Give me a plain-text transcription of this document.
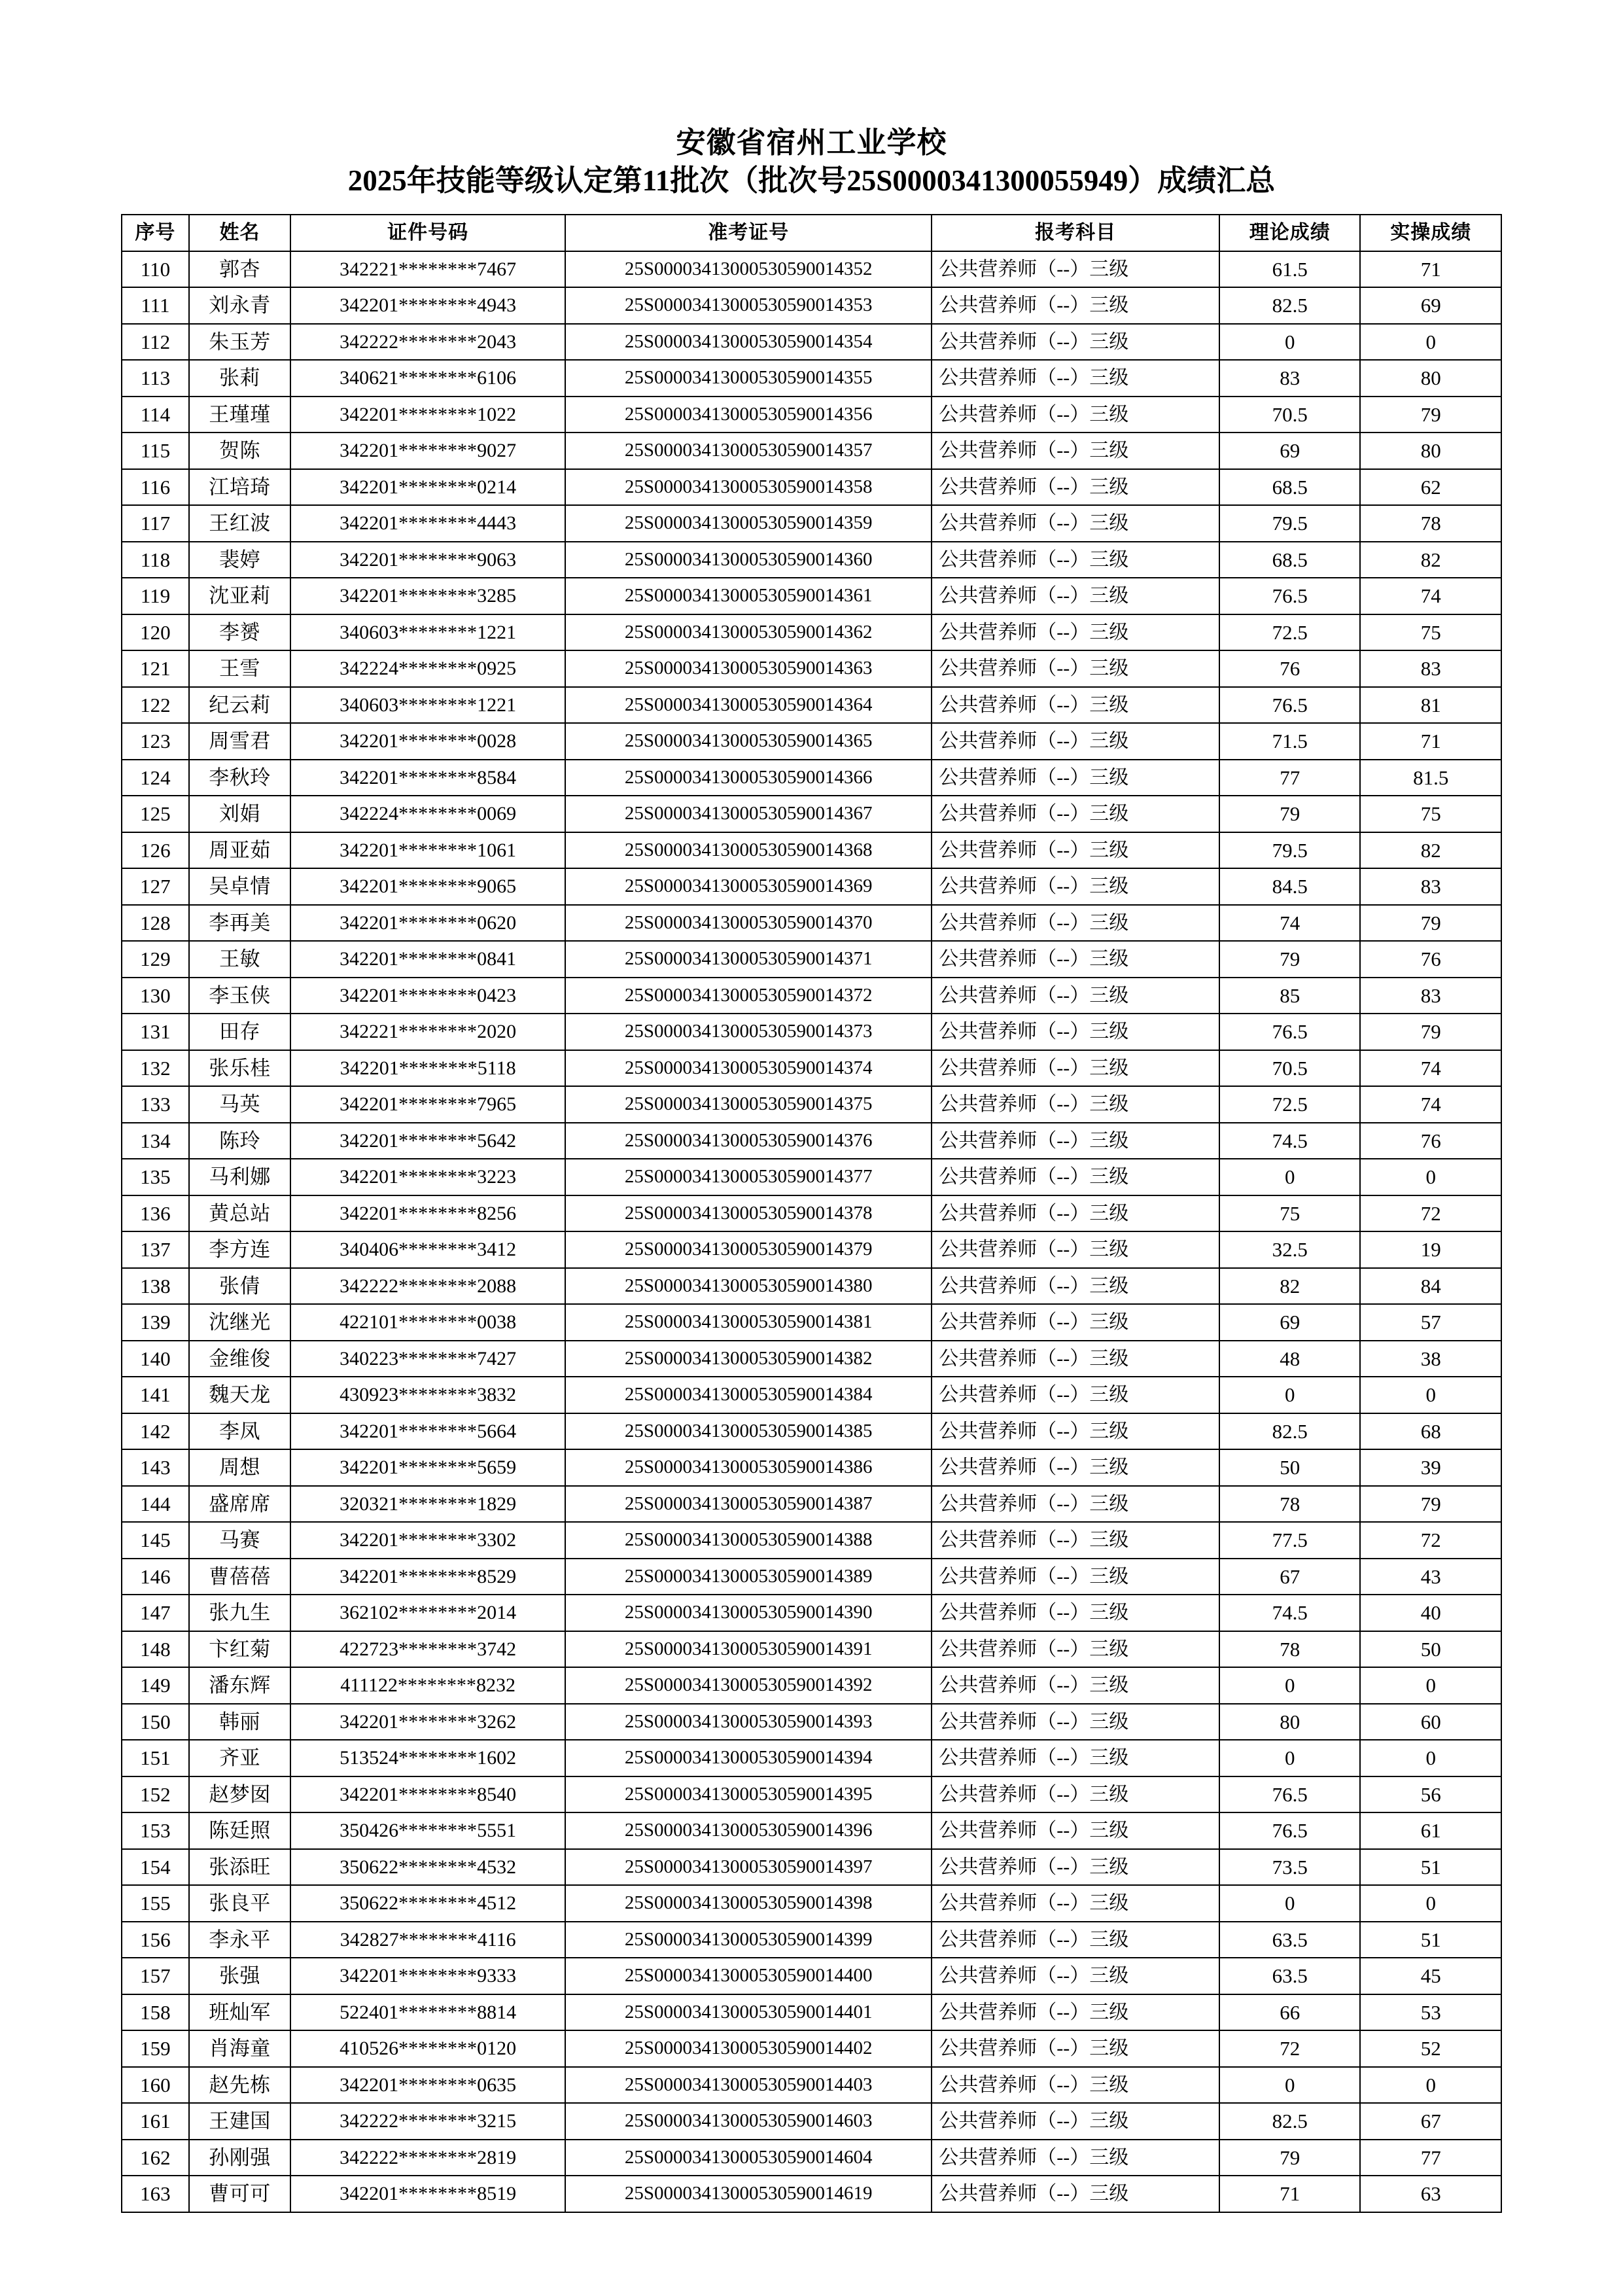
安徽省宿州工业学校
2025年技能等级认定第11批次（批次号25S0000341300055949）成绩汇总
序号	姓名	证件号码	准考证号	报考科目	理论成绩	实操成绩
110	郭杏	342221********7467	25S00003413000530590014352	公共营养师（--）三级	61.5	71
111	刘永青	342201********4943	25S00003413000530590014353	公共营养师（--）三级	82.5	69
112	朱玉芳	342222********2043	25S00003413000530590014354	公共营养师（--）三级	0	0
113	张莉	340621********6106	25S00003413000530590014355	公共营养师（--）三级	83	80
114	王瑾瑾	342201********1022	25S00003413000530590014356	公共营养师（--）三级	70.5	79
115	贺陈	342201********9027	25S00003413000530590014357	公共营养师（--）三级	69	80
116	江培琦	342201********0214	25S00003413000530590014358	公共营养师（--）三级	68.5	62
117	王红波	342201********4443	25S00003413000530590014359	公共营养师（--）三级	79.5	78
118	裴婷	342201********9063	25S00003413000530590014360	公共营养师（--）三级	68.5	82
119	沈亚莉	342201********3285	25S00003413000530590014361	公共营养师（--）三级	76.5	74
120	李赟	340603********1221	25S00003413000530590014362	公共营养师（--）三级	72.5	75
121	王雪	342224********0925	25S00003413000530590014363	公共营养师（--）三级	76	83
122	纪云莉	340603********1221	25S00003413000530590014364	公共营养师（--）三级	76.5	81
123	周雪君	342201********0028	25S00003413000530590014365	公共营养师（--）三级	71.5	71
124	李秋玲	342201********8584	25S00003413000530590014366	公共营养师（--）三级	77	81.5
125	刘娟	342224********0069	25S00003413000530590014367	公共营养师（--）三级	79	75
126	周亚茹	342201********1061	25S00003413000530590014368	公共营养师（--）三级	79.5	82
127	吴卓情	342201********9065	25S00003413000530590014369	公共营养师（--）三级	84.5	83
128	李再美	342201********0620	25S00003413000530590014370	公共营养师（--）三级	74	79
129	王敏	342201********0841	25S00003413000530590014371	公共营养师（--）三级	79	76
130	李玉侠	342201********0423	25S00003413000530590014372	公共营养师（--）三级	85	83
131	田存	342221********2020	25S00003413000530590014373	公共营养师（--）三级	76.5	79
132	张乐桂	342201********5118	25S00003413000530590014374	公共营养师（--）三级	70.5	74
133	马英	342201********7965	25S00003413000530590014375	公共营养师（--）三级	72.5	74
134	陈玲	342201********5642	25S00003413000530590014376	公共营养师（--）三级	74.5	76
135	马利娜	342201********3223	25S00003413000530590014377	公共营养师（--）三级	0	0
136	黄总站	342201********8256	25S00003413000530590014378	公共营养师（--）三级	75	72
137	李方连	340406********3412	25S00003413000530590014379	公共营养师（--）三级	32.5	19
138	张倩	342222********2088	25S00003413000530590014380	公共营养师（--）三级	82	84
139	沈继光	422101********0038	25S00003413000530590014381	公共营养师（--）三级	69	57
140	金维俊	340223********7427	25S00003413000530590014382	公共营养师（--）三级	48	38
141	魏天龙	430923********3832	25S00003413000530590014384	公共营养师（--）三级	0	0
142	李凤	342201********5664	25S00003413000530590014385	公共营养师（--）三级	82.5	68
143	周想	342201********5659	25S00003413000530590014386	公共营养师（--）三级	50	39
144	盛席席	320321********1829	25S00003413000530590014387	公共营养师（--）三级	78	79
145	马赛	342201********3302	25S00003413000530590014388	公共营养师（--）三级	77.5	72
146	曹蓓蓓	342201********8529	25S00003413000530590014389	公共营养师（--）三级	67	43
147	张九生	362102********2014	25S00003413000530590014390	公共营养师（--）三级	74.5	40
148	卞红菊	422723********3742	25S00003413000530590014391	公共营养师（--）三级	78	50
149	潘东辉	411122********8232	25S00003413000530590014392	公共营养师（--）三级	0	0
150	韩丽	342201********3262	25S00003413000530590014393	公共营养师（--）三级	80	60
151	齐亚	513524********1602	25S00003413000530590014394	公共营养师（--）三级	0	0
152	赵梦囡	342201********8540	25S00003413000530590014395	公共营养师（--）三级	76.5	56
153	陈廷照	350426********5551	25S00003413000530590014396	公共营养师（--）三级	76.5	61
154	张添旺	350622********4532	25S00003413000530590014397	公共营养师（--）三级	73.5	51
155	张良平	350622********4512	25S00003413000530590014398	公共营养师（--）三级	0	0
156	李永平	342827********4116	25S00003413000530590014399	公共营养师（--）三级	63.5	51
157	张强	342201********9333	25S00003413000530590014400	公共营养师（--）三级	63.5	45
158	班灿军	522401********8814	25S00003413000530590014401	公共营养师（--）三级	66	53
159	肖海童	410526********0120	25S00003413000530590014402	公共营养师（--）三级	72	52
160	赵先栋	342201********0635	25S00003413000530590014403	公共营养师（--）三级	0	0
161	王建国	342222********3215	25S00003413000530590014603	公共营养师（--）三级	82.5	67
162	孙刚强	342222********2819	25S00003413000530590014604	公共营养师（--）三级	79	77
163	曹可可	342201********8519	25S00003413000530590014619	公共营养师（--）三级	71	63
